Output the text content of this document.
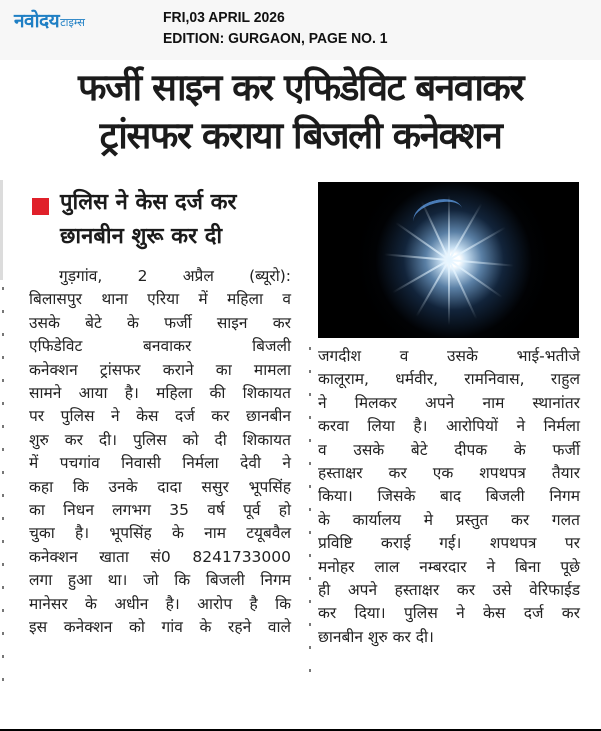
नवोदय टाइम्स	FRI,03 APRIL 2026
EDITION: GURGAON, PAGE NO. 1
फर्जी साइन कर एफिडेविट बनवाकर
ट्रांसफर कराया बिजली कनेक्शन
पुलिस ने केस दर्ज कर
छानबीन शुरू कर दी
गुड़गांव, 2 अप्रैल (ब्यूरो):
बिलासपुर थाना एरिया में महिला व
उसके बेटे के फर्जी साइन कर
एफिडेविट बनवाकर बिजली
कनेक्शन ट्रांसफर कराने का मामला
सामने आया है। महिला की शिकायत
पर पुलिस ने केस दर्ज कर छानबीन
शुरु कर दी। पुलिस को दी शिकायत
में पचगांव निवासी निर्मला देवी ने
कहा कि उनके दादा ससुर भूपसिंह
का निधन लगभग 35 वर्ष पूर्व हो
चुका है। भूपसिंह के नाम टयूबवैल
कनेक्शन खाता सं0 8241733000
लगा हुआ था। जो कि बिजली निगम
मानेसर के अधीन है। आरोप है कि
इस कनेक्शन को गांव के रहने वाले
जगदीश व उसके भाई-भतीजे
कालूराम, धर्मवीर, रामनिवास, राहुल
ने मिलकर अपने नाम स्थानांतर
करवा लिया है। आरोपियों ने निर्मला
व उसके बेटे दीपक के फर्जी
हस्ताक्षर कर एक शपथपत्र तैयार
किया। जिसके बाद बिजली निगम
के कार्यालय मे प्रस्तुत कर गलत
प्रविष्टि कराई गई। शपथपत्र पर
मनोहर लाल नम्बरदार ने बिना पूछे
ही अपने हस्ताक्षर कर उसे वेरिफाईड
कर दिया। पुलिस ने केस दर्ज कर
छानबीन शुरु कर दी।
